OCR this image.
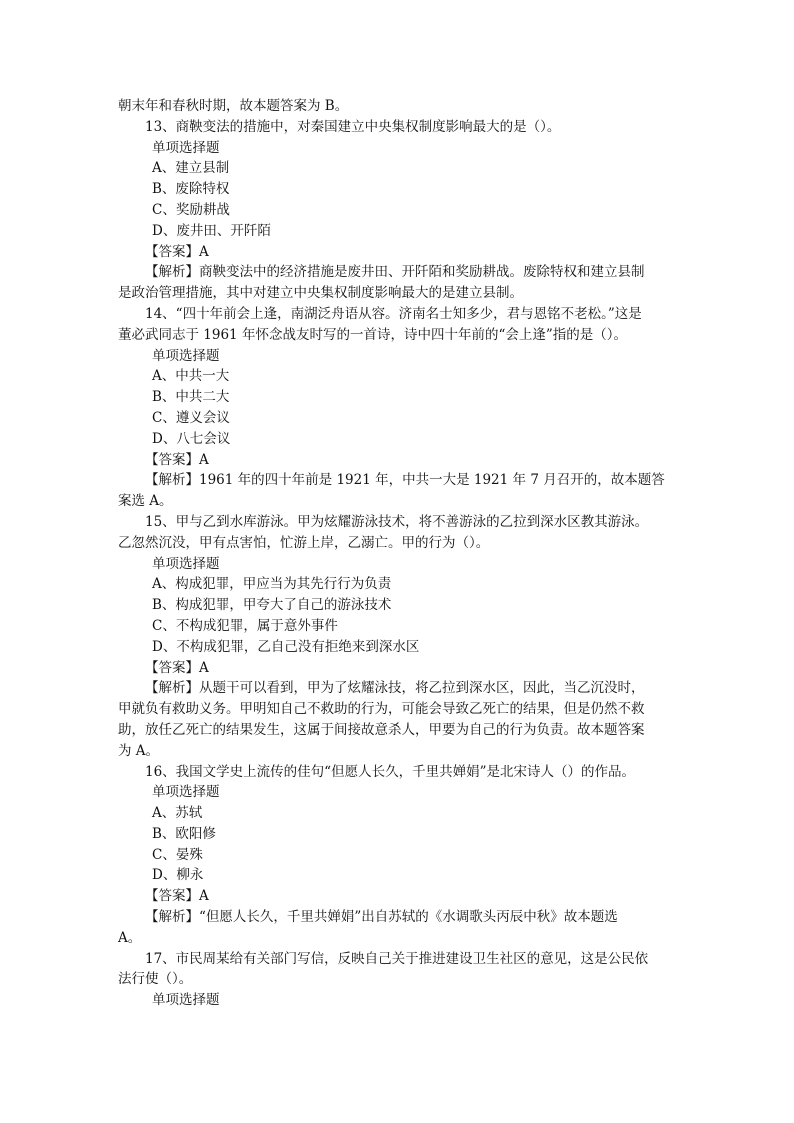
朝末年和春秋时期，故本题答案为 B。

13、商鞅变法的措施中，对秦国建立中央集权制度影响最大的是（）。

单项选择题

A、建立县制

B、废除特权

C、奖励耕战

D、废井田、开阡陌

【答案】A

【解析】商鞅变法中的经济措施是废井田、开阡陌和奖励耕战。废除特权和建立县制

是政治管理措施，其中对建立中央集权制度影响最大的是建立县制。

14、“四十年前会上逢，南湖泛舟语从容。济南名士知多少，君与恩铭不老松。”这是

董必武同志于 1961 年怀念战友时写的一首诗，诗中四十年前的“会上逢”指的是（）。

单项选择题

A、中共一大

B、中共二大

C、遵义会议

D、八七会议

【答案】A

【解析】1961 年的四十年前是 1921 年，中共一大是 1921 年 7 月召开的，故本题答

案选 A。

15、甲与乙到水库游泳。甲为炫耀游泳技术，将不善游泳的乙拉到深水区教其游泳。

乙忽然沉没，甲有点害怕，忙游上岸，乙溺亡。甲的行为（）。

单项选择题

A、构成犯罪，甲应当为其先行行为负责

B、构成犯罪，甲夸大了自己的游泳技术

C、不构成犯罪，属于意外事件

D、不构成犯罪，乙自己没有拒绝来到深水区

【答案】A

【解析】从题干可以看到，甲为了炫耀泳技，将乙拉到深水区，因此，当乙沉没时，

甲就负有救助义务。甲明知自己不救助的行为，可能会导致乙死亡的结果，但是仍然不救

助，放任乙死亡的结果发生，这属于间接故意杀人，甲要为自己的行为负责。故本题答案

为 A。

16、我国文学史上流传的佳句“但愿人长久，千里共婵娟”是北宋诗人（）的作品。

单项选择题

A、苏轼

B、欧阳修

C、晏殊

D、柳永

【答案】A

【解析】“但愿人长久，千里共婵娟”出自苏轼的《水调歌头丙辰中秋》故本题选

A。

17、市民周某给有关部门写信，反映自己关于推进建设卫生社区的意见，这是公民依

法行使（）。

单项选择题
